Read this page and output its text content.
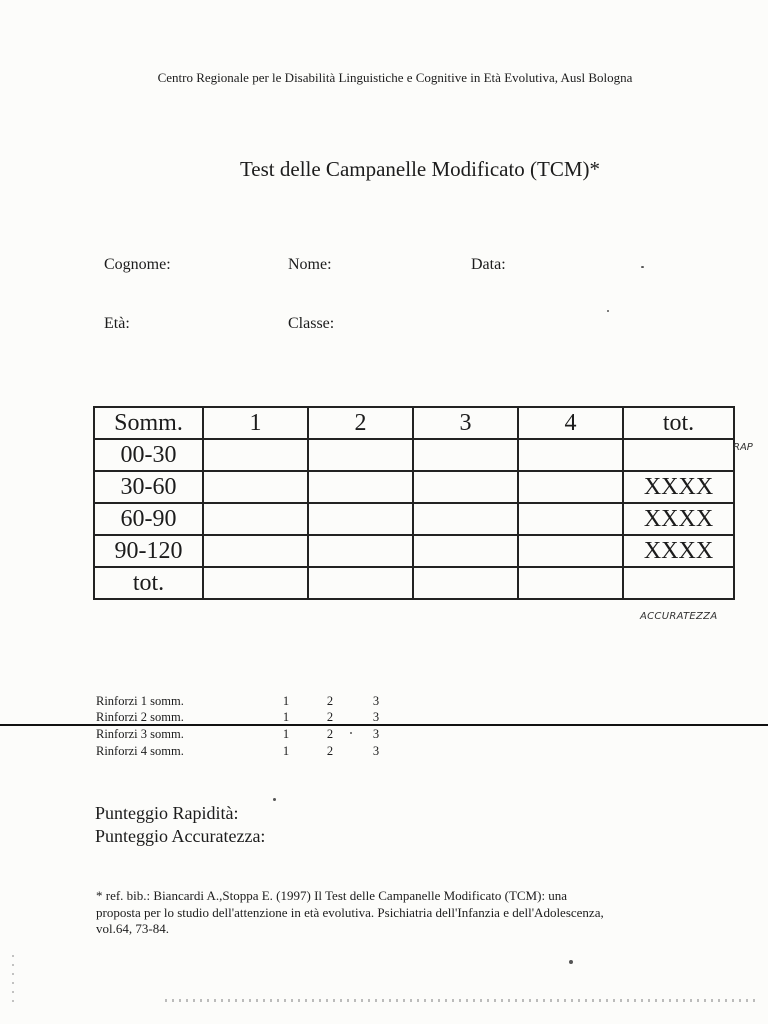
Centro Regionale per le Disabilità Linguistiche e Cognitive in Età Evolutiva, Ausl Bologna
Test delle Campanelle Modificato (TCM)*
Cognome:	Nome:	Data:
Età:	Classe:
Somm.	1	2	3	4	tot.
00-30					
30-60					XXXX
60-90					XXXX
90-120					XXXX
tot.					
RAP
ACCURATEZZA
Rinforzi 1 somm.	1	2	3
Rinforzi 2 somm.	1	2	3
Rinforzi 3 somm.	1	2	3
Rinforzi 4 somm.	1	2	3
Punteggio Rapidità:
Punteggio Accuratezza:
* ref. bib.: Biancardi A.,Stoppa E. (1997) Il Test delle Campanelle Modificato (TCM): una
proposta per lo studio dell'attenzione in età evolutiva. Psichiatria dell'Infanzia e dell'Adolescenza,
vol.64, 73-84.
